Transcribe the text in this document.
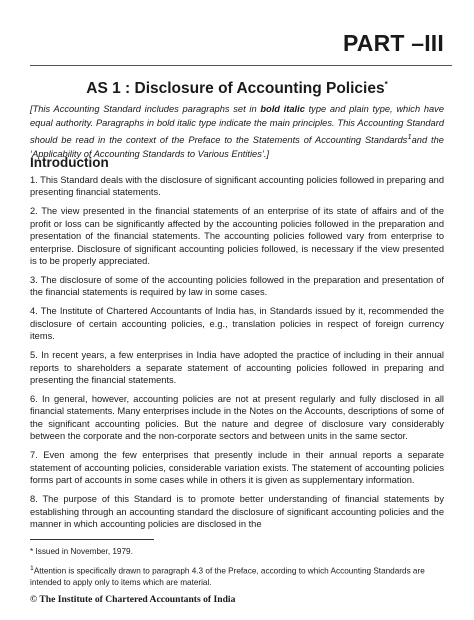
PART –III
AS 1 : Disclosure of Accounting Policies*
[This Accounting Standard includes paragraphs set in bold italic type and plain type, which have equal authority. Paragraphs in bold italic type indicate the main principles. This Accounting Standard should be read in the context of the Preface to the Statements of Accounting Standards$^1$and the ‘Applicability of Accounting Standards to Various Entities’.]
Introduction

1. This Standard deals with the disclosure of significant accounting policies followed in preparing and presenting financial statements.

2. The view presented in the financial statements of an enterprise of its state of affairs and of the profit or loss can be significantly affected by the accounting policies followed in the preparation and presentation of the financial statements. The accounting policies followed vary from enterprise to enterprise. Disclosure of significant accounting policies followed, is necessary if the view presented is to be properly appreciated.

3. The disclosure of some of the accounting policies followed in the preparation and presentation of the financial statements is required by law in some cases.

4. The Institute of Chartered Accountants of India has, in Standards issued by it, recommended the disclosure of certain accounting policies, e.g., translation policies in respect of foreign currency items.

5. In recent years, a few enterprises in India have adopted the practice of including in their annual reports to shareholders a separate statement of accounting policies followed in preparing and presenting the financial statements.

6. In general, however, accounting policies are not at present regularly and fully disclosed in all financial statements. Many enterprises include in the Notes on the Accounts, descriptions of some of the significant accounting policies. But the nature and degree of disclosure vary considerably between the corporate and the non-corporate sectors and between units in the same sector.

7. Even among the few enterprises that presently include in their annual reports a separate statement of accounting policies, considerable variation exists. The statement of accounting policies forms part of accounts in some cases while in others it is given as supplementary information.

8. The purpose of this Standard is to promote better understanding of financial statements by establishing through an accounting standard the disclosure of significant accounting policies and the manner in which accounting policies are disclosed in the

* Issued in November, 1979.
$^1$Attention is specifically drawn to paragraph 4.3 of the Preface, according to which Accounting Standards are intended to apply only to items which are material.
© The Institute of Chartered Accountants of India
